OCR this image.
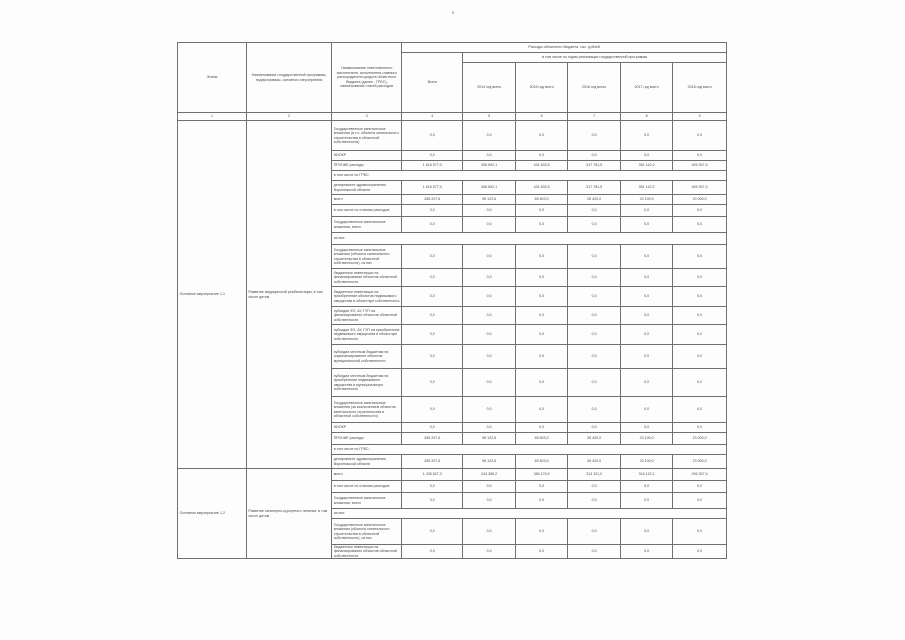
9
Этапы	Наименование государственной программы, подпрограммы, основного мероприятия	Наименование ответственного исполнителя, исполнителя-главного распорядителя средств областного бюджета (далее - ГРБС), наименование статей расходов	Расходы областного бюджета, тыс. рублей					
			Всего	в том числе по годам реализации государственной программы				
				2014 год всего	2015 год всего	2016 год всего	2017 год всего	2018 год всего
1	2	3	4	5	6	7	8	9
Основное мероприятие 1.1	Развитие медицинской реабилитации, в том числе детям	Государственные капитальные вложения (в т.ч. объекты капитального строительства в областной собственности)	0,0	0,0	0,0	0,0	0,0	0,0
		НИОКР	0,0	0,0	0,0	0,0	0,0	0,0
		ПРОЧИЕ расходы	1 616 577,0	306 692,1	431 633,5	317 781,5	351 142,2	409 307,4
		в том числе по ГРБС:						
		департамент здравоохранения Воронежской области	1 616 577,0	306 692,1	431 633,5	317 781,5	351 142,2	409 307,4
		всего	285 207,6	96 122,6	69 823,0	26 420,0	23 100,0	23 000,0
		в том числе по статьям расходов:	0,0	0,0	0,0	0,0	0,0	0,0
		Государственные капитальные вложения, всего	0,0	0,0	0,0	0,0	0,0	0,0
		из них:						
		Государственные капитальные вложения (объекты капитального строительства в областной собственности), из них	0,0	0,0	0,0	0,0	0,0	0,0
		бюджетные инвестиции на финансирование объектов областной собственности	0,0	0,0	0,0	0,0	0,0	0,0
		бюджетные инвестиции на приобретение объектов недвижимого имущества в областную собственность	0,0	0,0	0,0	0,0	0,0	0,0
		субсидии ФЗ, АУ, ГУП на финансирование объектов областной собственности	0,0	0,0	0,0	0,0	0,0	0,0
		субсидии ФЗ, АУ, ГУП на приобретение недвижимого имущества в областную собственность	0,0	0,0	0,0	0,0	0,0	0,0
		субсидии местным бюджетам на софинансирование объектов муниципальной собственности	0,0	0,0	0,0	0,0	0,0	0,0
		субсидии местным бюджетам на приобретение недвижимого имущества в муниципальную собственность	0,0	0,0	0,0	0,0	0,0	0,0
		Государственные капитальные вложения (за исключением объектов капитального строительства в областной собственности)	0,0	0,0	0,0	0,0	0,0	0,0
		НИОКР	0,0	0,0	0,0	0,0	0,0	0,0
		ПРОЧИЕ расходы	285 207,6	96 122,6	69 823,0	26 420,0	23 100,0	23 000,0
		в том числе по ГРБС:						
		департамент здравоохранения Воронежской области	285 207,6	96 122,6	69 823,0	26 420,0	23 100,0	23 000,0
Основное мероприятие 1.2	Развитие санаторно-курортного лечения, в том числе детям	всего	1 435 627,3	244 365,2	384 176,5	313 101,0	318 142,2	294 307,4
		в том числе по статьям расходов:	0,0	0,0	0,0	0,0	0,0	0,0
		Государственные капитальные вложения, всего	0,0	0,0	0,0	0,0	0,0	0,0
		из них:						
		Государственные капитальные вложения (объекты капитального строительства в областной собственности), из них	0,0	0,0	0,0	0,0	0,0	0,0
		бюджетные инвестиции на финансирование объектов областной собственности	0,0	0,0	0,0	0,0	0,0	0,0
